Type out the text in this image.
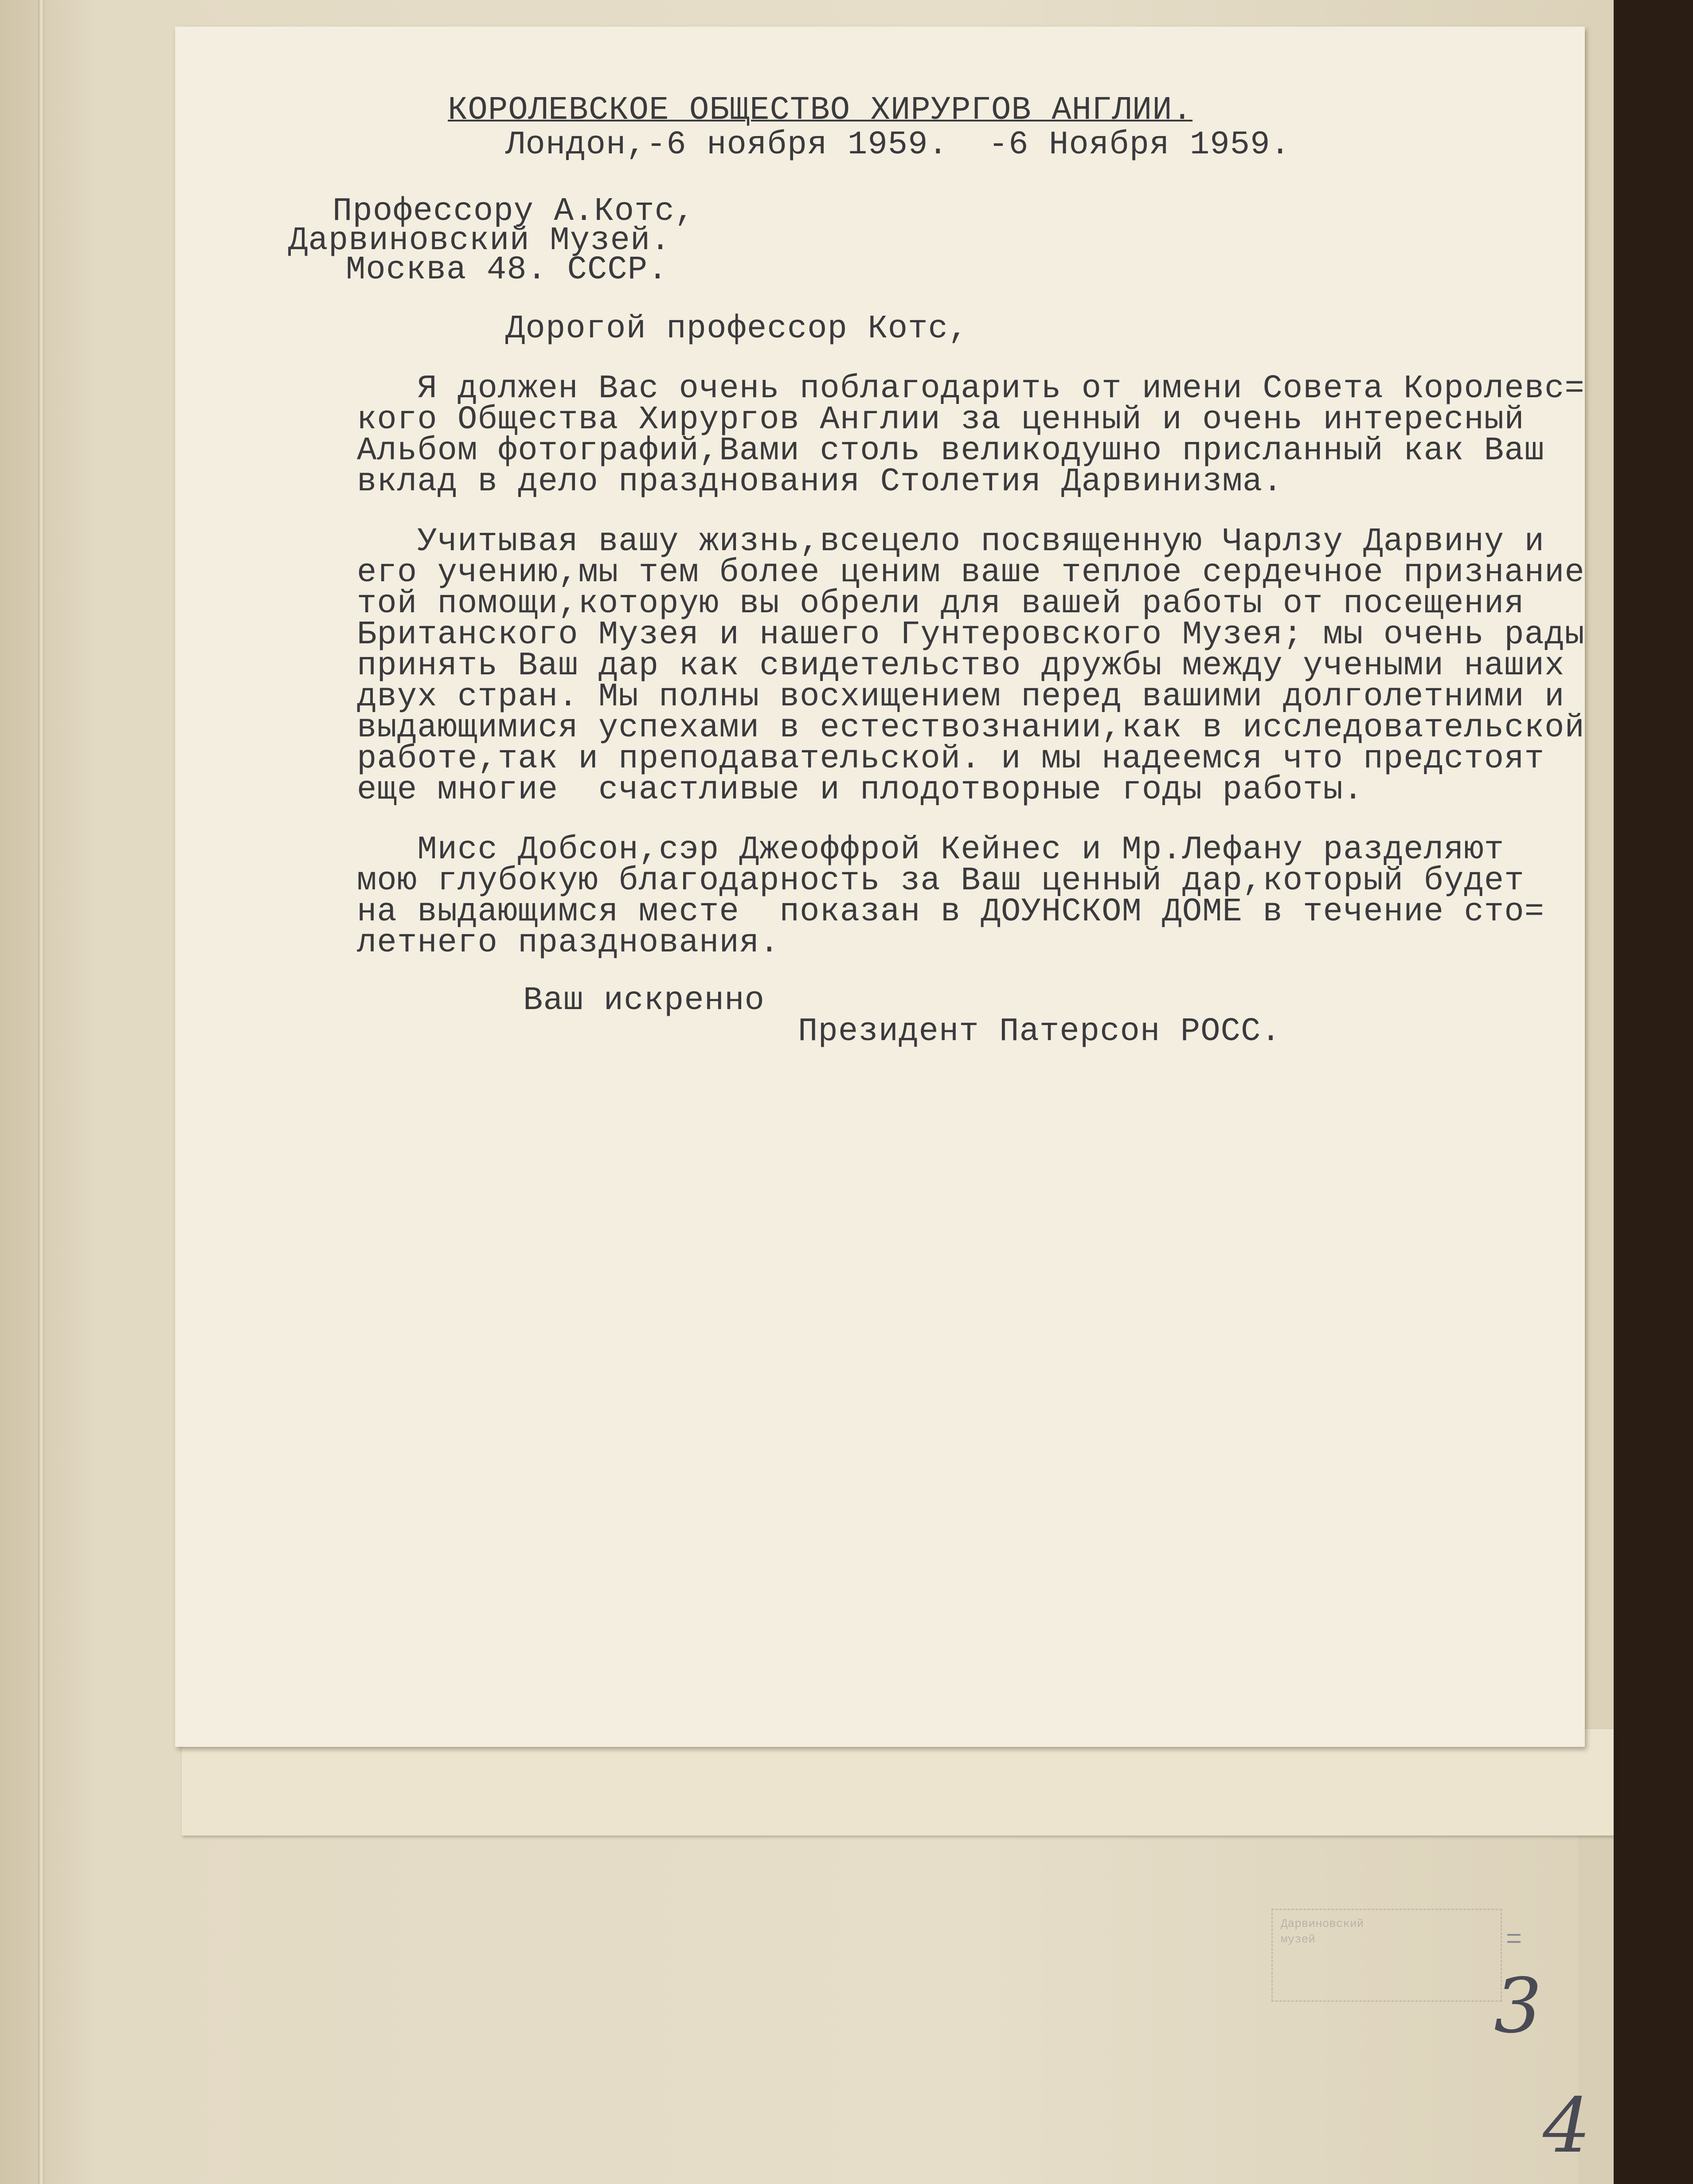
КОРОЛЕВСКОЕ ОБЩЕСТВО ХИРУРГОВ АНГЛИИ.
Лондон,-6 ноября 1959.  -6 Ноября 1959.
Профессору А.Котс,
Дарвиновский Музей.
Москва 48. СССР.
Дорогой профессор Котс,
Я должен Вас очень поблагодарить от имени Совета Королевс=
кого Общества Хирургов Англии за ценный и очень интересный
Альбом фотографий,Вами столь великодушно присланный как Ваш
вклад в дело празднования Столетия Дарвинизма.
Учитывая вашу жизнь,всецело посвященную Чарлзу Дарвину и
его учению,мы тем более ценим ваше теплое сердечное признание
той помощи,которую вы обрели для вашей работы от посещения
Британского Музея и нашего Гунтеровского Музея; мы очень рады
принять Ваш дар как свидетельство дружбы между учеными наших
двух стран. Мы полны восхищением перед вашими долголетними и
выдающимися успехами в естествознании,как в исследовательской
работе,так и преподавательской. и мы надеемся что предстоят
еще многие  счастливые и плодотворные годы работы.
Мисс Добсон,сэр Джеоффрой Кейнес и Мр.Лефану разделяют
мою глубокую благодарность за Ваш ценный дар,который будет
на выдающимся месте  показан в ДОУНСКОМ ДОМЕ в течение сто=
летнего празднования.
Ваш искренно
Президент Патерсон РОСС.
Дарвиновский
музей
3
4
